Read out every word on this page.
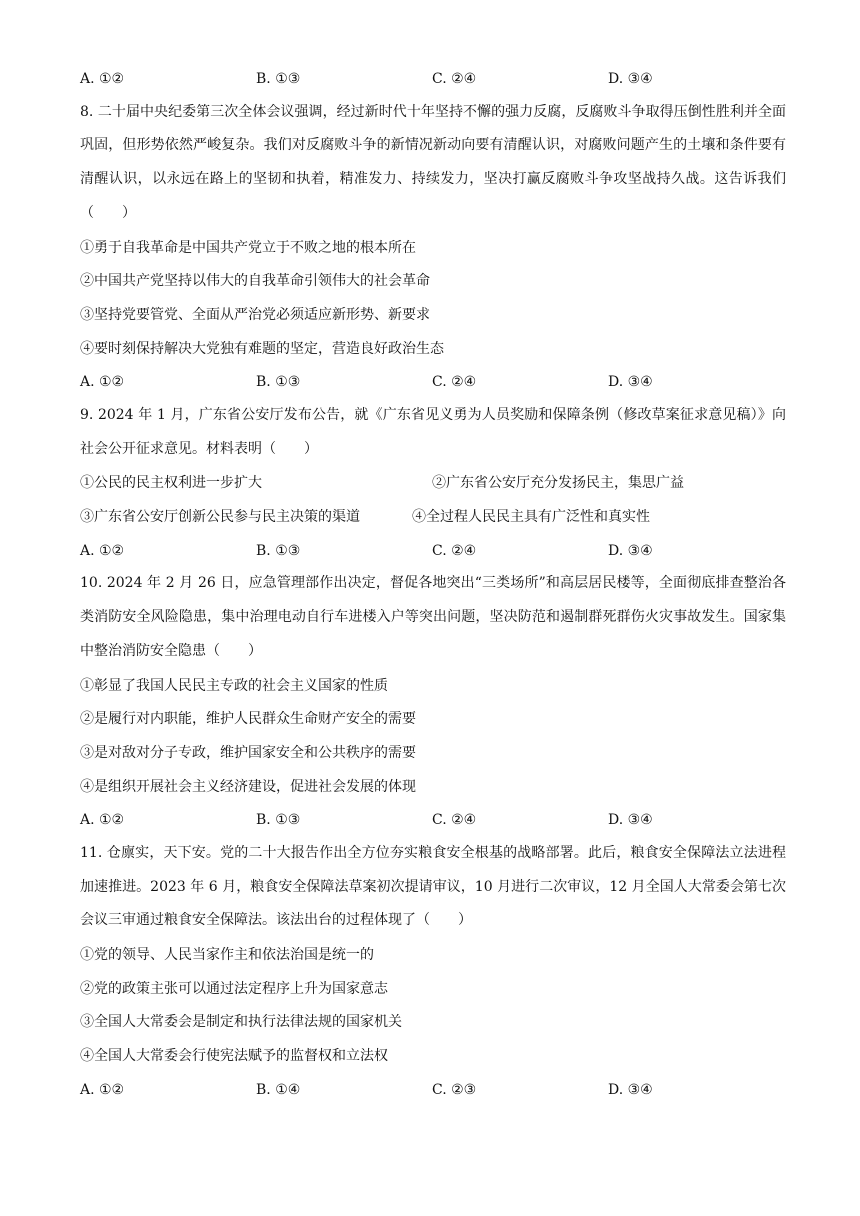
A. ①②	B. ①③	C. ②④	D. ③④

8. 二十届中央纪委第三次全体会议强调，经过新时代十年坚持不懈的强力反腐，反腐败斗争取得压倒性胜利并全面巩固，但形势依然严峻复杂。我们对反腐败斗争的新情况新动向要有清醒认识，对腐败问题产生的土壤和条件要有清醒认识，以永远在路上的坚韧和执着，精准发力、持续发力，坚决打赢反腐败斗争攻坚战持久战。这告诉我们（　　）

①勇于自我革命是中国共产党立于不败之地的根本所在
②中国共产党坚持以伟大的自我革命引领伟大的社会革命
③坚持党要管党、全面从严治党必须适应新形势、新要求
④要时刻保持解决大党独有难题的坚定，营造良好政治生态
A. ①②	B. ①③	C. ②④	D. ③④

9. 2024 年 1 月，广东省公安厅发布公告，就《广东省见义勇为人员奖励和保障条例（修改草案征求意见稿）》向社会公开征求意见。材料表明（　　）

①公民的民主权利进一步扩大	②广东省公安厅充分发扬民主，集思广益
③广东省公安厅创新公民参与民主决策的渠道	④全过程人民民主具有广泛性和真实性
A. ①②	B. ①③	C. ②④	D. ③④

10. 2024 年 2 月 26 日，应急管理部作出决定，督促各地突出“三类场所”和高层居民楼等，全面彻底排查整治各类消防安全风险隐患，集中治理电动自行车进楼入户等突出问题，坚决防范和遏制群死群伤火灾事故发生。国家集中整治消防安全隐患（　　）

①彰显了我国人民民主专政的社会主义国家的性质
②是履行对内职能，维护人民群众生命财产安全的需要
③是对敌对分子专政，维护国家安全和公共秩序的需要
④是组织开展社会主义经济建设，促进社会发展的体现
A. ①②	B. ①③	C. ②④	D. ③④

11. 仓廪实，天下安。党的二十大报告作出全方位夯实粮食安全根基的战略部署。此后，粮食安全保障法立法进程加速推进。2023 年 6 月，粮食安全保障法草案初次提请审议，10 月进行二次审议，12 月全国人大常委会第七次会议三审通过粮食安全保障法。该法出台的过程体现了（　　）

①党的领导、人民当家作主和依法治国是统一的
②党的政策主张可以通过法定程序上升为国家意志
③全国人大常委会是制定和执行法律法规的国家机关
④全国人大常委会行使宪法赋予的监督权和立法权
A. ①②	B. ①④	C. ②③	D. ③④
